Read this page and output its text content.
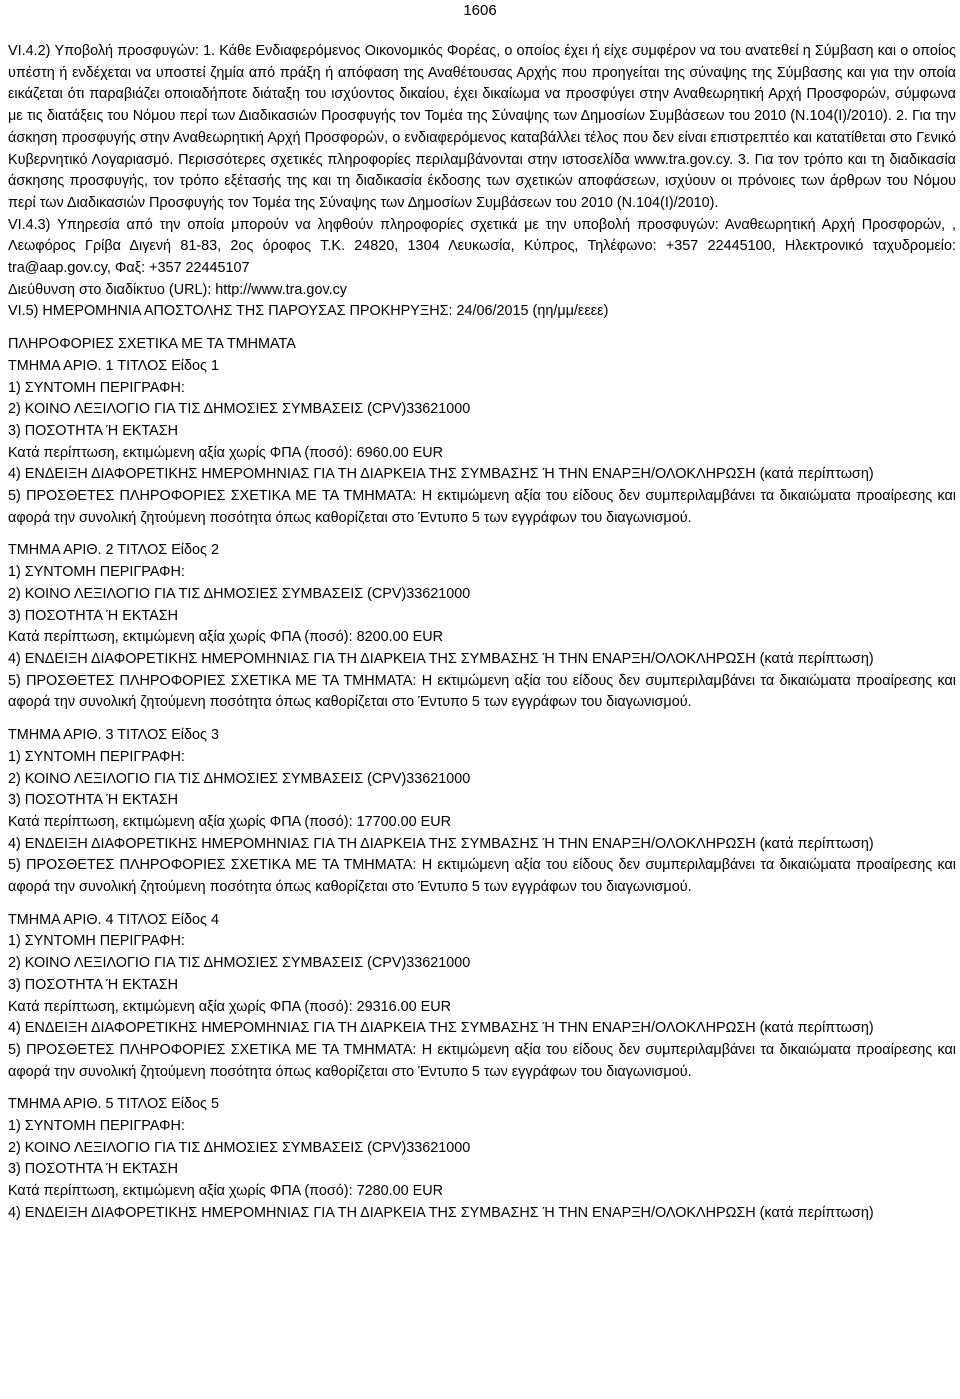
1606

VI.4.2) Υποβολή προσφυγών: 1. Κάθε Ενδιαφερόμενος Οικονομικός Φορέας, ο οποίος έχει ή είχε συμφέρον να του ανατεθεί η Σύμβαση και ο οποίος υπέστη ή ενδέχεται να υποστεί ζημία από πράξη ή απόφαση της Αναθέτουσας Αρχής που προηγείται της σύναψης της Σύμβασης και για την οποία εικάζεται ότι παραβιάζει οποιαδήποτε διάταξη του ισχύοντος δικαίου, έχει δικαίωμα να προσφύγει στην Αναθεωρητική Αρχή Προσφορών, σύμφωνα με τις διατάξεις του Νόμου περί των Διαδικασιών Προσφυγής τον Τομέα της Σύναψης των Δημοσίων Συμβάσεων του 2010 (Ν.104(Ι)/2010). 2. Για την άσκηση προσφυγής στην Αναθεωρητική Αρχή Προσφορών, ο ενδιαφερόμενος καταβάλλει τέλος που δεν είναι επιστρεπτέο και κατατίθεται στο Γενικό Κυβερνητικό Λογαριασμό. Περισσότερες σχετικές πληροφορίες περιλαμβάνονται στην ιστοσελίδα www.tra.gov.cy. 3. Για τον τρόπο και τη διαδικασία άσκησης προσφυγής, τον τρόπο εξέτασής της και τη διαδικασία έκδοσης των σχετικών αποφάσεων, ισχύουν οι πρόνοιες των άρθρων του Νόμου περί των Διαδικασιών Προσφυγής τον Τομέα της Σύναψης των Δημοσίων Συμβάσεων του 2010 (Ν.104(Ι)/2010).

VI.4.3) Υπηρεσία από την οποία μπορούν να ληφθούν πληροφορίες σχετικά με την υποβολή προσφυγών: Αναθεωρητική Αρχή Προσφορών, , Λεωφόρος Γρίβα Διγενή 81-83, 2ος όροφος Τ.Κ. 24820, 1304 Λευκωσία, Κύπρος, Τηλέφωνο: +357 22445100, Ηλεκτρονικό ταχυδρομείο: tra@aap.gov.cy, Φαξ: +357 22445107

Διεύθυνση στο διαδίκτυο (URL): http://www.tra.gov.cy

VI.5) ΗΜΕΡΟΜΗΝΙΑ ΑΠΟΣΤΟΛΗΣ ΤΗΣ ΠΑΡΟΥΣΑΣ ΠΡΟΚΗΡΥΞΗΣ: 24/06/2015 (ηη/μμ/εεεε)

ΠΛΗΡΟΦΟΡΙΕΣ ΣΧΕΤΙΚΑ ΜΕ ΤΑ ΤΜΗΜΑΤΑ

ΤΜΗΜΑ ΑΡΙΘ. 1 ΤΙΤΛΟΣ Είδος 1

1) ΣΥΝΤΟΜΗ ΠΕΡΙΓΡΑΦΗ:

2) ΚΟΙΝΟ ΛΕΞΙΛΟΓΙΟ ΓΙΑ ΤΙΣ ΔΗΜΟΣΙΕΣ ΣΥΜΒΑΣΕΙΣ (CPV)33621000

3) ΠΟΣΟΤΗΤΑ Ή ΕΚΤΑΣΗ

Κατά περίπτωση, εκτιμώμενη αξία χωρίς ΦΠΑ (ποσό): 6960.00 EUR

4) ΕΝΔΕΙΞΗ ΔΙΑΦΟΡΕΤΙΚΗΣ ΗΜΕΡΟΜΗΝΙΑΣ ΓΙΑ ΤΗ ΔΙΑΡΚΕΙΑ ΤΗΣ ΣΥΜΒΑΣΗΣ Ή ΤΗΝ ΕΝΑΡΞΗ/ΟΛΟΚΛΗΡΩΣΗ (κατά περίπτωση)

5) ΠΡΟΣΘΕΤΕΣ ΠΛΗΡΟΦΟΡΙΕΣ ΣΧΕΤΙΚΑ ΜΕ ΤΑ ΤΜΗΜΑΤΑ: Η εκτιμώμενη αξία του είδους δεν συμπεριλαμβάνει τα δικαιώματα προαίρεσης και αφορά την συνολική ζητούμενη ποσότητα όπως καθορίζεται στο Έντυπο 5 των εγγράφων του διαγωνισμού.

ΤΜΗΜΑ ΑΡΙΘ. 2 ΤΙΤΛΟΣ Είδος 2

1) ΣΥΝΤΟΜΗ ΠΕΡΙΓΡΑΦΗ:

2) ΚΟΙΝΟ ΛΕΞΙΛΟΓΙΟ ΓΙΑ ΤΙΣ ΔΗΜΟΣΙΕΣ ΣΥΜΒΑΣΕΙΣ (CPV)33621000

3) ΠΟΣΟΤΗΤΑ Ή ΕΚΤΑΣΗ

Κατά περίπτωση, εκτιμώμενη αξία χωρίς ΦΠΑ (ποσό): 8200.00 EUR

4) ΕΝΔΕΙΞΗ ΔΙΑΦΟΡΕΤΙΚΗΣ ΗΜΕΡΟΜΗΝΙΑΣ ΓΙΑ ΤΗ ΔΙΑΡΚΕΙΑ ΤΗΣ ΣΥΜΒΑΣΗΣ Ή ΤΗΝ ΕΝΑΡΞΗ/ΟΛΟΚΛΗΡΩΣΗ (κατά περίπτωση)

5) ΠΡΟΣΘΕΤΕΣ ΠΛΗΡΟΦΟΡΙΕΣ ΣΧΕΤΙΚΑ ΜΕ ΤΑ ΤΜΗΜΑΤΑ: Η εκτιμώμενη αξία του είδους δεν συμπεριλαμβάνει τα δικαιώματα προαίρεσης και αφορά την συνολική ζητούμενη ποσότητα όπως καθορίζεται στο Έντυπο 5 των εγγράφων του διαγωνισμού.

ΤΜΗΜΑ ΑΡΙΘ. 3 ΤΙΤΛΟΣ Είδος 3

1) ΣΥΝΤΟΜΗ ΠΕΡΙΓΡΑΦΗ:

2) ΚΟΙΝΟ ΛΕΞΙΛΟΓΙΟ ΓΙΑ ΤΙΣ ΔΗΜΟΣΙΕΣ ΣΥΜΒΑΣΕΙΣ (CPV)33621000

3) ΠΟΣΟΤΗΤΑ Ή ΕΚΤΑΣΗ

Κατά περίπτωση, εκτιμώμενη αξία χωρίς ΦΠΑ (ποσό): 17700.00 EUR

4) ΕΝΔΕΙΞΗ ΔΙΑΦΟΡΕΤΙΚΗΣ ΗΜΕΡΟΜΗΝΙΑΣ ΓΙΑ ΤΗ ΔΙΑΡΚΕΙΑ ΤΗΣ ΣΥΜΒΑΣΗΣ Ή ΤΗΝ ΕΝΑΡΞΗ/ΟΛΟΚΛΗΡΩΣΗ (κατά περίπτωση)

5) ΠΡΟΣΘΕΤΕΣ ΠΛΗΡΟΦΟΡΙΕΣ ΣΧΕΤΙΚΑ ΜΕ ΤΑ ΤΜΗΜΑΤΑ: Η εκτιμώμενη αξία του είδους δεν συμπεριλαμβάνει τα δικαιώματα προαίρεσης και αφορά την συνολική ζητούμενη ποσότητα όπως καθορίζεται στο Έντυπο 5 των εγγράφων του διαγωνισμού.

ΤΜΗΜΑ ΑΡΙΘ. 4 ΤΙΤΛΟΣ Είδος 4

1) ΣΥΝΤΟΜΗ ΠΕΡΙΓΡΑΦΗ:

2) ΚΟΙΝΟ ΛΕΞΙΛΟΓΙΟ ΓΙΑ ΤΙΣ ΔΗΜΟΣΙΕΣ ΣΥΜΒΑΣΕΙΣ (CPV)33621000

3) ΠΟΣΟΤΗΤΑ Ή ΕΚΤΑΣΗ

Κατά περίπτωση, εκτιμώμενη αξία χωρίς ΦΠΑ (ποσό): 29316.00 EUR

4) ΕΝΔΕΙΞΗ ΔΙΑΦΟΡΕΤΙΚΗΣ ΗΜΕΡΟΜΗΝΙΑΣ ΓΙΑ ΤΗ ΔΙΑΡΚΕΙΑ ΤΗΣ ΣΥΜΒΑΣΗΣ Ή ΤΗΝ ΕΝΑΡΞΗ/ΟΛΟΚΛΗΡΩΣΗ (κατά περίπτωση)

5) ΠΡΟΣΘΕΤΕΣ ΠΛΗΡΟΦΟΡΙΕΣ ΣΧΕΤΙΚΑ ΜΕ ΤΑ ΤΜΗΜΑΤΑ: Η εκτιμώμενη αξία του είδους δεν συμπεριλαμβάνει τα δικαιώματα προαίρεσης και αφορά την συνολική ζητούμενη ποσότητα όπως καθορίζεται στο Έντυπο 5 των εγγράφων του διαγωνισμού.

ΤΜΗΜΑ ΑΡΙΘ. 5 ΤΙΤΛΟΣ Είδος 5

1) ΣΥΝΤΟΜΗ ΠΕΡΙΓΡΑΦΗ:

2) ΚΟΙΝΟ ΛΕΞΙΛΟΓΙΟ ΓΙΑ ΤΙΣ ΔΗΜΟΣΙΕΣ ΣΥΜΒΑΣΕΙΣ (CPV)33621000

3) ΠΟΣΟΤΗΤΑ Ή ΕΚΤΑΣΗ

Κατά περίπτωση, εκτιμώμενη αξία χωρίς ΦΠΑ (ποσό): 7280.00 EUR

4) ΕΝΔΕΙΞΗ ΔΙΑΦΟΡΕΤΙΚΗΣ ΗΜΕΡΟΜΗΝΙΑΣ ΓΙΑ ΤΗ ΔΙΑΡΚΕΙΑ ΤΗΣ ΣΥΜΒΑΣΗΣ Ή ΤΗΝ ΕΝΑΡΞΗ/ΟΛΟΚΛΗΡΩΣΗ (κατά περίπτωση)
